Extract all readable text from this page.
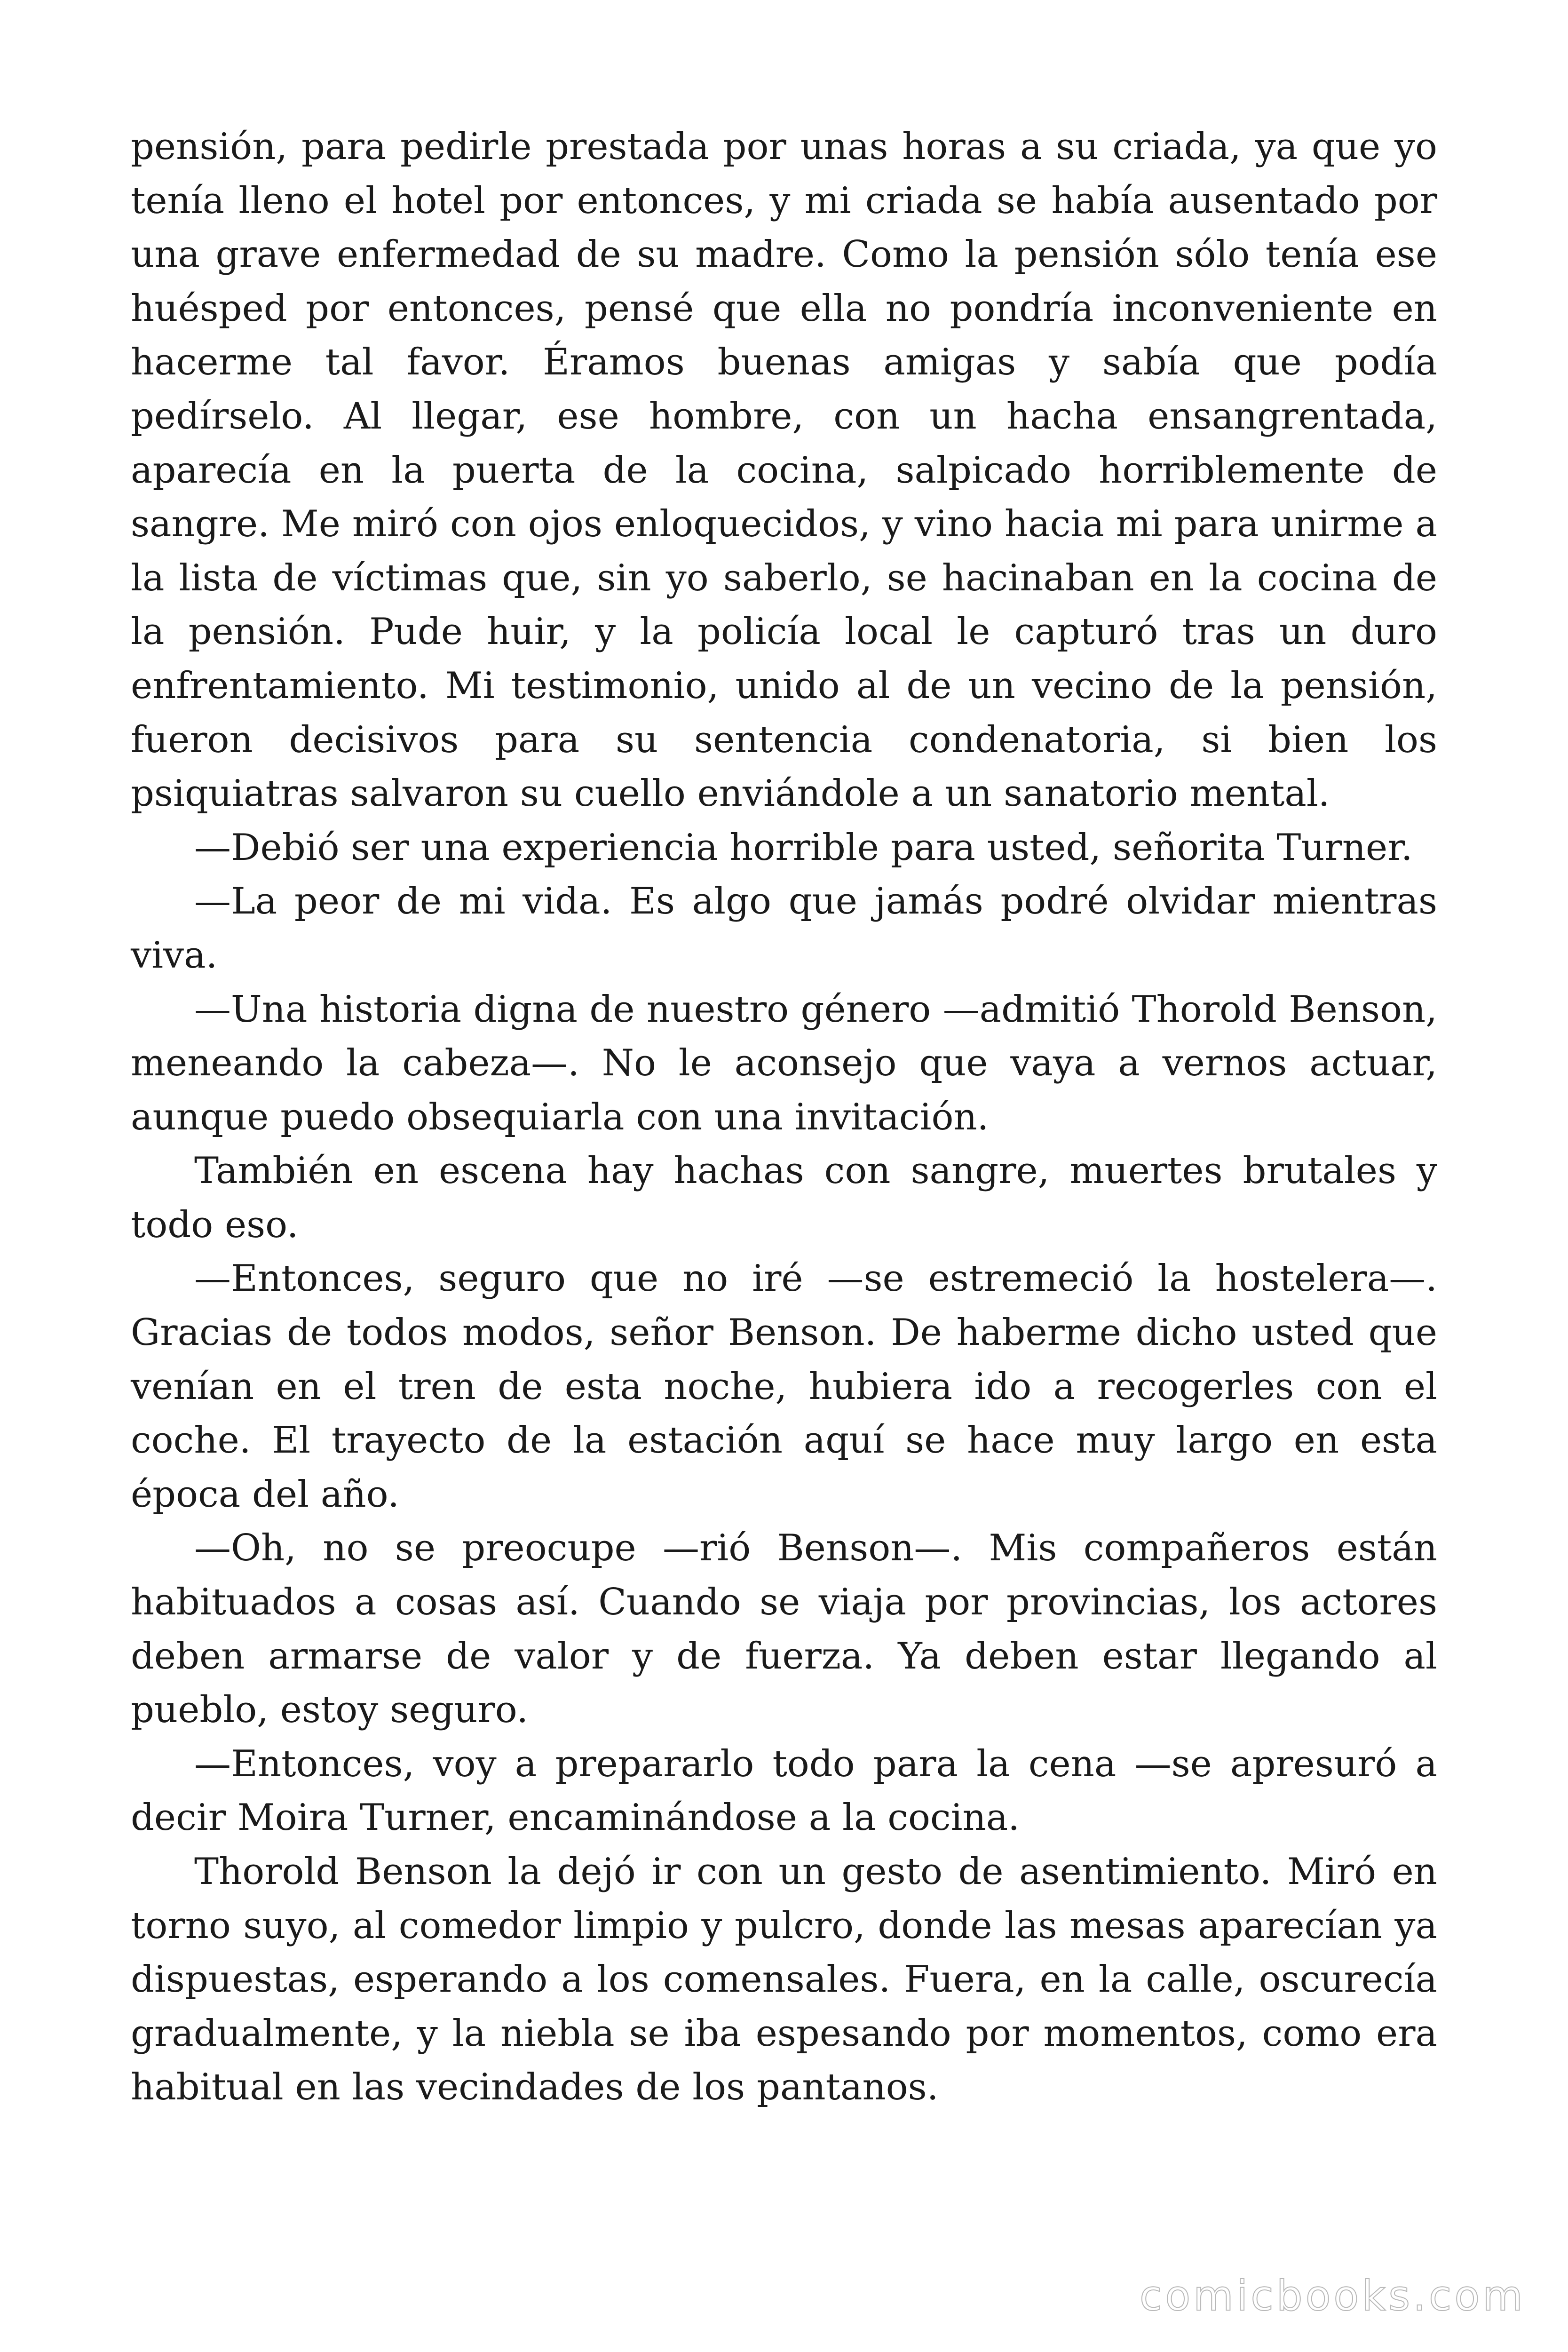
pensión, para pedirle prestada por unas horas a su criada, ya que yo tenía lleno el hotel por entonces, y mi criada se había ausentado por una grave enfermedad de su madre. Como la pensión sólo tenía ese huésped por entonces, pensé que ella no pondría inconveniente en hacerme tal favor. Éramos buenas amigas y sabía que podía pedírselo. Al llegar, ese hombre, con un hacha ensangrentada, aparecía en la puerta de la cocina, salpicado horriblemente de sangre. Me miró con ojos enloquecidos, y vino hacia mi para unirme a la lista de víctimas que, sin yo saberlo, se hacinaban en la cocina de la pensión. Pude huir, y la policía local le capturó tras un duro enfrentamiento. Mi testimonio, unido al de un vecino de la pensión, fueron decisivos para su sentencia condenatoria, si bien los psiquiatras salvaron su cuello enviándole a un sanatorio mental.

—Debió ser una experiencia horrible para usted, señorita Turner.

—La peor de mi vida. Es algo que jamás podré olvidar mientras viva.

—Una historia digna de nuestro género —admitió Thorold Benson, meneando la cabeza—. No le aconsejo que vaya a vernos actuar, aunque puedo obsequiarla con una invitación.

También en escena hay hachas con sangre, muertes brutales y todo eso.

—Entonces, seguro que no iré —se estremeció la hostelera—. Gracias de todos modos, señor Benson. De haberme dicho usted que venían en el tren de esta noche, hubiera ido a recogerles con el coche. El trayecto de la estación aquí se hace muy largo en esta época del año.

—Oh, no se preocupe —rió Benson—. Mis compañeros están habituados a cosas así. Cuando se viaja por provincias, los actores deben armarse de valor y de fuerza. Ya deben estar llegando al pueblo, estoy seguro.

—Entonces, voy a prepararlo todo para la cena —se apresuró a decir Moira Turner, encaminándose a la cocina.

Thorold Benson la dejó ir con un gesto de asentimiento. Miró en torno suyo, al comedor limpio y pulcro, donde las mesas aparecían ya dispuestas, esperando a los comensales. Fuera, en la calle, oscurecía gradualmente, y la niebla se iba espesando por momentos, como era habitual en las vecindades de los pantanos.

comicbooks.com
